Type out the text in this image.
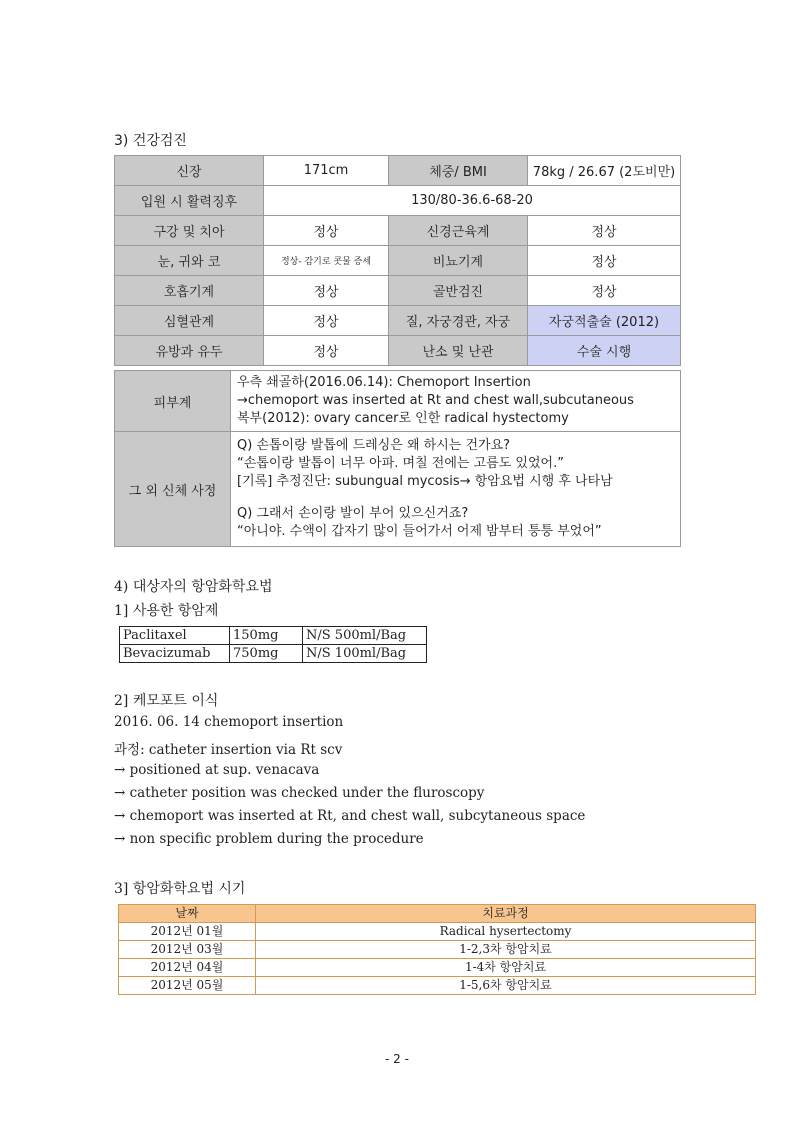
3) 건강검진
신장	171cm	체중/ BMI	78kg / 26.67 (2도비만)
입원 시 활력징후	130/80-36.6-68-20		
구강 및 치아	정상	신경근육계	정상
눈, 귀와 코	정상- 감기로 콧물 증세	비뇨기계	정상
호흡기계	정상	골반검진	정상
심혈관계	정상	질, 자궁경관, 자궁	자궁적출술 (2012)
유방과 유두	정상	난소 및 난관	수술 시행
피부계	우측 쇄골하(2016.06.14): Chemoport Insertion
→chemoport was inserted at Rt and chest wall,subcutaneous
복부(2012): ovary cancer로 인한 radical hystectomy

그 외 신체 사정	Q) 손톱이랑 발톱에 드레싱은 왜 하시는 건가요?
“손톱이랑 발톱이 너무 아파. 며칠 전에는 고름도 있었어.”
[기록] 추정진단: subungual mycosis→ 항암요법 시행 후 나타남
Q) 그래서 손이랑 발이 부어 있으신거죠?
“아니야. 수액이 갑자기 많이 들어가서 어제 밤부터 퉁퉁 부었어”
4) 대상자의 항암화학요법
1] 사용한 항암제
Paclitaxel	150mg	N/S 500ml/Bag
Bevacizumab	750mg	N/S 100ml/Bag
2] 케모포트 이식
2016. 06. 14 chemoport insertion
과정: catheter insertion via Rt scv
→ positioned at sup. venacava
→ catheter position was checked under the fluroscopy
→ chemoport was inserted at Rt, and chest wall, subcytaneous space
→ non specific problem during the procedure
3] 항암화학요법 시기
날짜	치료과정
2012년 01월	Radical hysertectomy
2012년 03월	1-2,3차 항암치료
2012년 04월	1-4차 항암치료
2012년 05월	1-5,6차 항암치료
- 2 -
